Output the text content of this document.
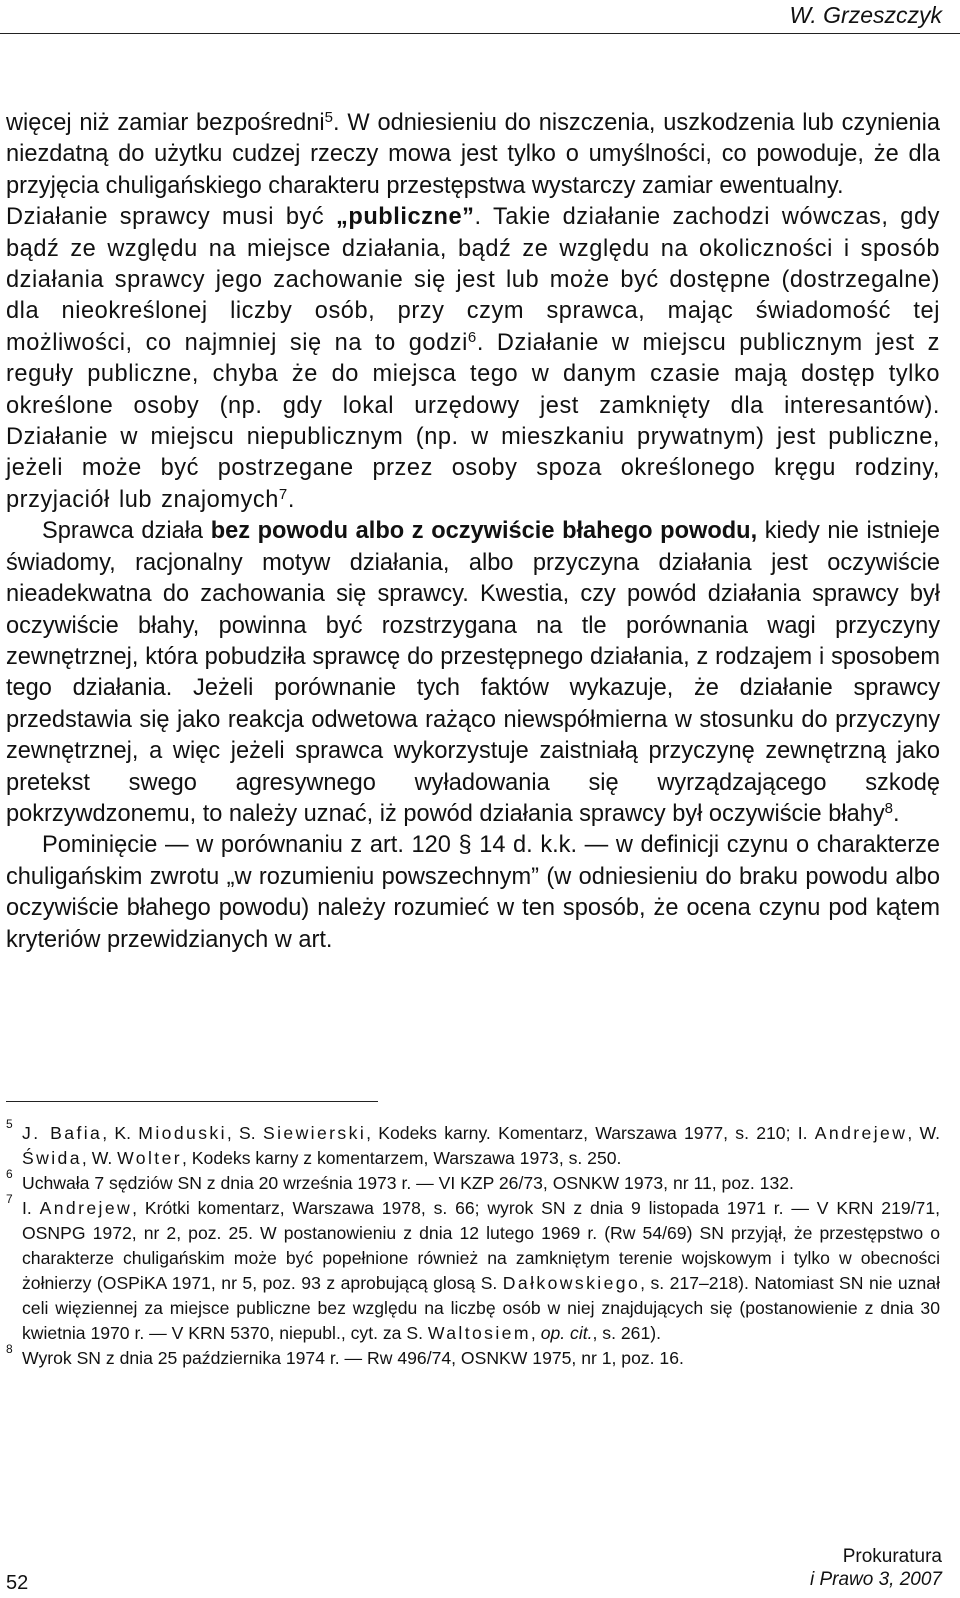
W. Grzeszczyk

więcej niż zamiar bezpośredni$^5$. W odniesieniu do niszczenia, uszkodzenia lub czynienia niezdatną do użytku cudzej rzeczy mowa jest tylko o umyślności, co powoduje, że dla przyjęcia chuligańskiego charakteru przestępstwa wystarczy zamiar ewentualny.

Działanie sprawcy musi być „publiczne”. Takie działanie zachodzi wówczas, gdy bądź ze względu na miejsce działania, bądź ze względu na okoliczności i sposób działania sprawcy jego zachowanie się jest lub może być dostępne (dostrzegalne) dla nieokreślonej liczby osób, przy czym sprawca, mając świadomość tej możliwości, co najmniej się na to godzi$^6$. Działanie w miejscu publicznym jest z reguły publiczne, chyba że do miejsca tego w danym czasie mają dostęp tylko określone osoby (np. gdy lokal urzędowy jest zamknięty dla interesantów). Działanie w miejscu niepublicznym (np. w mieszkaniu prywatnym) jest publiczne, jeżeli może być postrzegane przez osoby spoza określonego kręgu rodziny, przyjaciół lub znajomych$^7$.

Sprawca działa bez powodu albo z oczywiście błahego powodu, kiedy nie istnieje świadomy, racjonalny motyw działania, albo przyczyna działania jest oczywiście nieadekwatna do zachowania się sprawcy. Kwestia, czy powód działania sprawcy był oczywiście błahy, powinna być rozstrzygana na tle porównania wagi przyczyny zewnętrznej, która pobudziła sprawcę do przestępnego działania, z rodzajem i sposobem tego działania. Jeżeli porównanie tych faktów wykazuje, że działanie sprawcy przedstawia się jako reakcja odwetowa rażąco niewspółmierna w stosunku do przyczyny zewnętrznej, a więc jeżeli sprawca wykorzystuje zaistniałą przyczynę zewnętrzną jako pretekst swego agresywnego wyładowania się wyrządzającego szkodę pokrzywdzonemu, to należy uznać, iż powód działania sprawcy był oczywiście błahy$^8$.

Pominięcie — w porównaniu z art. 120 § 14 d. k.k. — w definicji czynu o charakterze chuligańskim zwrotu „w rozumieniu powszechnym” (w odniesieniu do braku powodu albo oczywiście błahego powodu) należy rozumieć w ten sposób, że ocena czynu pod kątem kryteriów przewidzianych w art.

5 J. Bafia, K. Mioduski, S. Siewierski, Kodeks karny. Komentarz, Warszawa 1977, s. 210; I. Andrejew, W. Świda, W. Wolter, Kodeks karny z komentarzem, Warszawa 1973, s. 250.

6 Uchwała 7 sędziów SN z dnia 20 września 1973 r. — VI KZP 26/73, OSNKW 1973, nr 11, poz. 132.

7 I. Andrejew, Krótki komentarz, Warszawa 1978, s. 66; wyrok SN z dnia 9 listopada 1971 r. — V KRN 219/71, OSNPG 1972, nr 2, poz. 25. W postanowieniu z dnia 12 lutego 1969 r. (Rw 54/69) SN przyjął, że przestępstwo o charakterze chuligańskim może być popełnione również na zamkniętym terenie wojskowym i tylko w obecności żołnierzy (OSPiKA 1971, nr 5, poz. 93 z aprobującą glosą S. Dałkowskiego, s. 217–218). Natomiast SN nie uznał celi więziennej za miejsce publiczne bez względu na liczbę osób w niej znajdujących się (postanowienie z dnia 30 kwietnia 1970 r. — V KRN 5370, niepubl., cyt. za S. Waltosiem, op. cit., s. 261).

8 Wyrok SN z dnia 25 października 1974 r. — Rw 496/74, OSNKW 1975, nr 1, poz. 16.

52
Prokuratura
i Prawo 3, 2007
